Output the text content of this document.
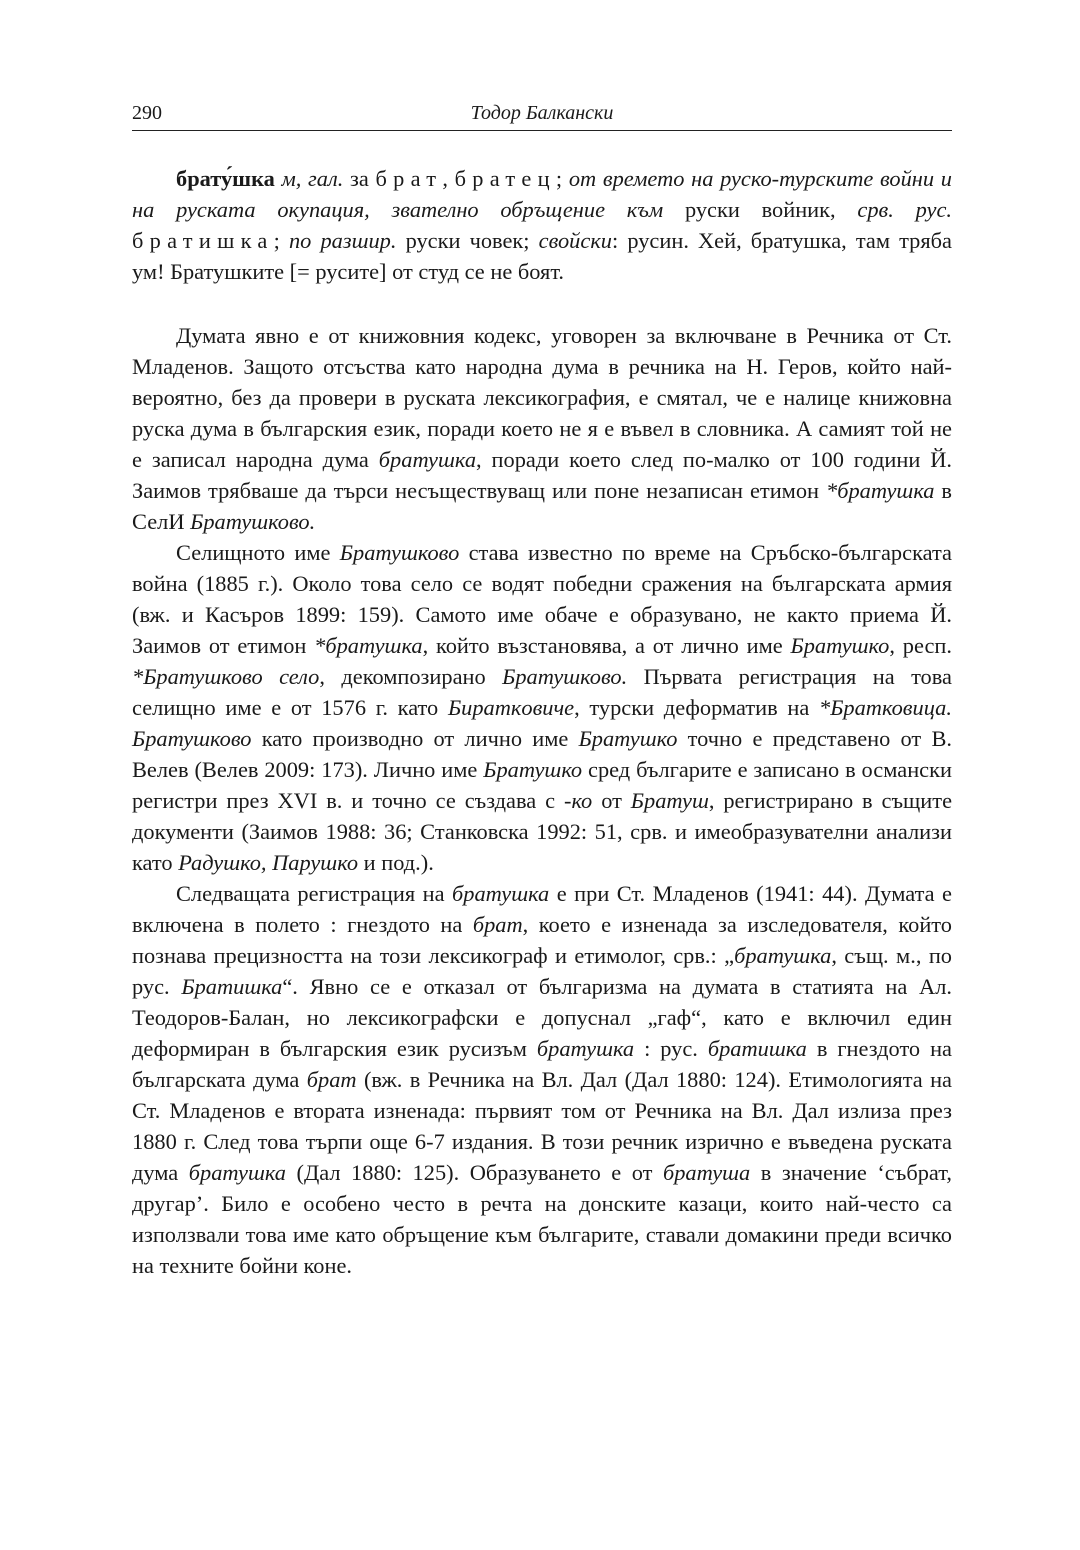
290	Тодор Балкански

брату́шка м, гал. за брат, братец; от времето на руско-турските войни и на руската окупация, звателно обръщение към руски войник, срв. рус. братишка; по разшир. руски човек; свойски: русин. Хей, братушка, там тряба ум! Братушките [= русите] от студ се не боят.

Думата явно е от книжовния кодекс, уговорен за включване в Речника от Ст. Младенов. Защото отсъства като народна дума в речника на Н. Геров, който най-вероятно, без да провери в руската лексикография, е смятал, че е налице книжовна руска дума в българския език, поради което не я е въвел в словника. А самият той не е записал народна дума братушка, поради което след по-малко от 100 години Й. Заимов трябваше да търси несъществуващ или поне незаписан етимон *братушка в СелИ Братушково.

Селищното име Братушково става известно по време на Сръбско-българската война (1885 г.). Около това село се водят победни сражения на българската армия (вж. и Касъров 1899: 159). Самото име обаче е образувано, не както приема Й. Заимов от етимон *братушка, който възстановява, а от лично име Братушко, респ. *Братушково село, декомпозирано Братушково. Първата регистрация на това селищно име е от 1576 г. като Бираткoвиче, турски деформатив на *Братковица. Братушково като производно от лично име Братушко точно е представено от В. Велев (Велев 2009: 173). Лично име Братушко сред българите е записано в османски регистри през XVI в. и точно се създава с -ко от Братуш, регистрирано в същите документи (Заимов 1988: 36; Станковска 1992: 51, срв. и имеобразувателни анализи като Радушко, Парушко и под.).

Следващата регистрация на братушка е при Ст. Младенов (1941: 44). Думата е включена в полето : гнездото на брат, което е изненада за изследователя, който познава прецизността на този лексикограф и етимолог, срв.: „братушка, същ. м., по рус. Братишка“. Явно се е отказал от българизма на думата в статията на Ал. Теодоров-Балан, но лексикографски е допуснал „гаф“, като е включил един деформиран в българския език русизъм братушка : рус. братишка в гнездото на българската дума брат (вж. в Речника на Вл. Дал (Дал 1880: 124). Етимологията на Ст. Младенов е втората изненада: първият том от Речника на Вл. Дал излиза през 1880 г. След това търпи още 6-7 издания. В този речник изрично е въведена руската дума братушка (Дал 1880: 125). Образуването е от братуша в значение ‘събрат, другар’. Било е особено често в речта на донските казаци, които най-често са използвали това име като обръщение към българите, ставали домакини преди всичко на техните бойни коне.
